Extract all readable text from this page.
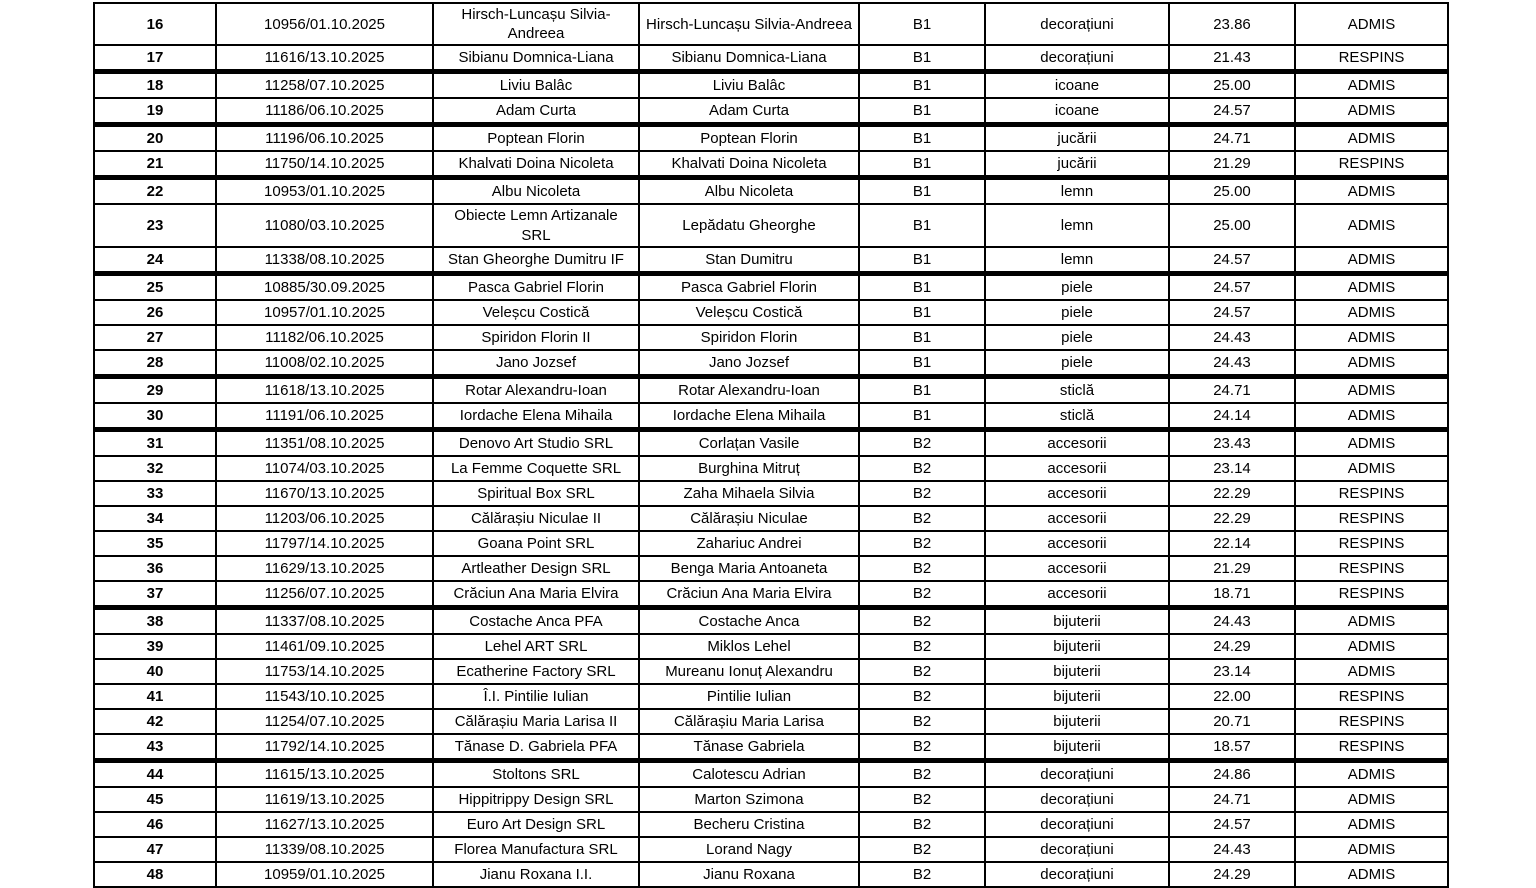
16	10956/01.10.2025	Hirsch-Luncașu Silvia-Andreea	Hirsch-Luncașu Silvia-Andreea	B1	decorațiuni	23.86	ADMIS
17	11616/13.10.2025	Sibianu Domnica-Liana	Sibianu Domnica-Liana	B1	decorațiuni	21.43	RESPINS
18	11258/07.10.2025	Liviu Balâc	Liviu Balâc	B1	icoane	25.00	ADMIS
19	11186/06.10.2025	Adam Curta	Adam Curta	B1	icoane	24.57	ADMIS
20	11196/06.10.2025	Poptean Florin	Poptean Florin	B1	jucării	24.71	ADMIS
21	11750/14.10.2025	Khalvati Doina Nicoleta	Khalvati Doina Nicoleta	B1	jucării	21.29	RESPINS
22	10953/01.10.2025	Albu Nicoleta	Albu Nicoleta	B1	lemn	25.00	ADMIS
23	11080/03.10.2025	Obiecte Lemn Artizanale SRL	Lepădatu Gheorghe	B1	lemn	25.00	ADMIS
24	11338/08.10.2025	Stan Gheorghe Dumitru IF	Stan Dumitru	B1	lemn	24.57	ADMIS
25	10885/30.09.2025	Pasca Gabriel Florin	Pasca Gabriel Florin	B1	piele	24.57	ADMIS
26	10957/01.10.2025	Veleșcu Costică	Veleșcu Costică	B1	piele	24.57	ADMIS
27	11182/06.10.2025	Spiridon Florin II	Spiridon Florin	B1	piele	24.43	ADMIS
28	11008/02.10.2025	Jano Jozsef	Jano Jozsef	B1	piele	24.43	ADMIS
29	11618/13.10.2025	Rotar Alexandru-Ioan	Rotar Alexandru-Ioan	B1	sticlă	24.71	ADMIS
30	11191/06.10.2025	Iordache Elena Mihaila	Iordache Elena Mihaila	B1	sticlă	24.14	ADMIS
31	11351/08.10.2025	Denovo Art Studio SRL	Corlațan Vasile	B2	accesorii	23.43	ADMIS
32	11074/03.10.2025	La Femme Coquette SRL	Burghina Mitruț	B2	accesorii	23.14	ADMIS
33	11670/13.10.2025	Spiritual Box SRL	Zaha Mihaela Silvia	B2	accesorii	22.29	RESPINS
34	11203/06.10.2025	Călărașiu Niculae II	Călărașiu Niculae	B2	accesorii	22.29	RESPINS
35	11797/14.10.2025	Goana Point SRL	Zahariuc Andrei	B2	accesorii	22.14	RESPINS
36	11629/13.10.2025	Artleather Design SRL	Benga Maria Antoaneta	B2	accesorii	21.29	RESPINS
37	11256/07.10.2025	Crăciun Ana Maria Elvira	Crăciun Ana Maria Elvira	B2	accesorii	18.71	RESPINS
38	11337/08.10.2025	Costache Anca PFA	Costache Anca	B2	bijuterii	24.43	ADMIS
39	11461/09.10.2025	Lehel ART SRL	Miklos Lehel	B2	bijuterii	24.29	ADMIS
40	11753/14.10.2025	Ecatherine Factory SRL	Mureanu Ionuț Alexandru	B2	bijuterii	23.14	ADMIS
41	11543/10.10.2025	Î.I. Pintilie Iulian	Pintilie Iulian	B2	bijuterii	22.00	RESPINS
42	11254/07.10.2025	Călărașiu Maria Larisa II	Călărașiu Maria Larisa	B2	bijuterii	20.71	RESPINS
43	11792/14.10.2025	Tănase D. Gabriela PFA	Tănase Gabriela	B2	bijuterii	18.57	RESPINS
44	11615/13.10.2025	Stoltons SRL	Calotescu Adrian	B2	decorațiuni	24.86	ADMIS
45	11619/13.10.2025	Hippitrippy Design SRL	Marton Szimona	B2	decorațiuni	24.71	ADMIS
46	11627/13.10.2025	Euro Art Design SRL	Becheru Cristina	B2	decorațiuni	24.57	ADMIS
47	11339/08.10.2025	Florea Manufactura SRL	Lorand Nagy	B2	decorațiuni	24.43	ADMIS
48	10959/01.10.2025	Jianu Roxana I.I.	Jianu Roxana	B2	decorațiuni	24.29	ADMIS
